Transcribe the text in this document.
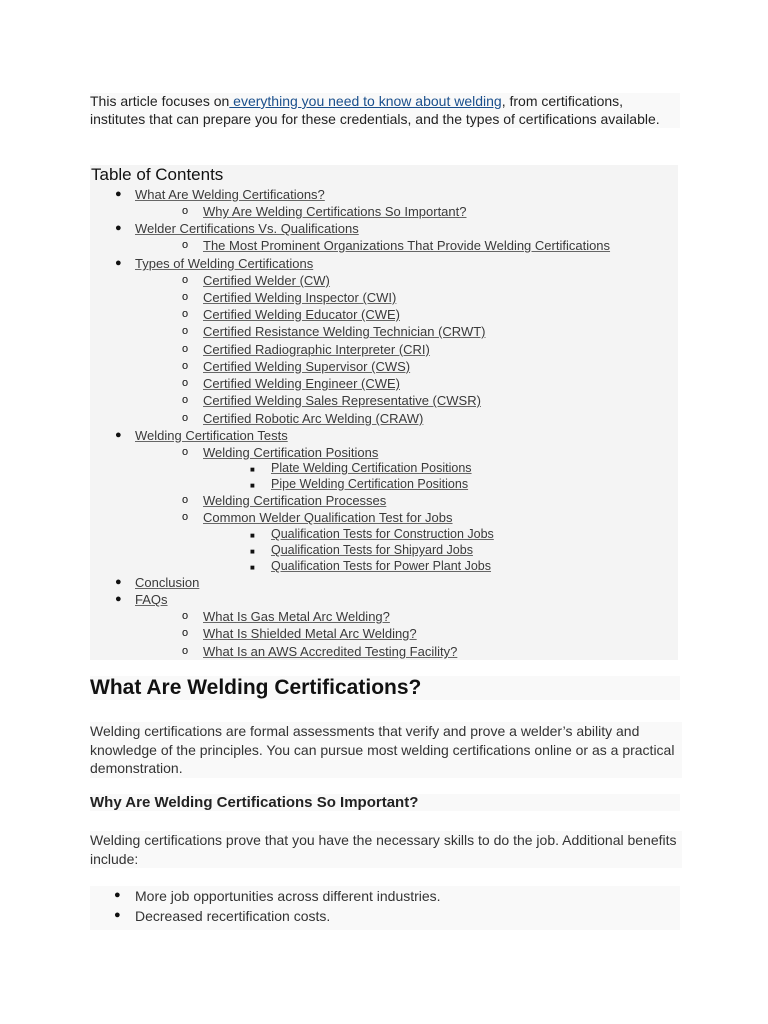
This article focuses on everything you need to know about welding, from certifications, institutes that can prepare you for these credentials, and the types of certifications available.
Table of Contents
● What Are Welding Certifications?
o Why Are Welding Certifications So Important?
● Welder Certifications Vs. Qualifications
o The Most Prominent Organizations That Provide Welding Certifications
● Types of Welding Certifications
o Certified Welder (CW)
o Certified Welding Inspector (CWI)
o Certified Welding Educator (CWE)
o Certified Resistance Welding Technician (CRWT)
o Certified Radiographic Interpreter (CRI)
o Certified Welding Supervisor (CWS)
o Certified Welding Engineer (CWE)
o Certified Welding Sales Representative (CWSR)
o Certified Robotic Arc Welding (CRAW)
● Welding Certification Tests
o Welding Certification Positions
■ Plate Welding Certification Positions
■ Pipe Welding Certification Positions
o Welding Certification Processes
o Common Welder Qualification Test for Jobs
■ Qualification Tests for Construction Jobs
■ Qualification Tests for Shipyard Jobs
■ Qualification Tests for Power Plant Jobs
● Conclusion
● FAQs
o What Is Gas Metal Arc Welding?
o What Is Shielded Metal Arc Welding?
o What Is an AWS Accredited Testing Facility?
What Are Welding Certifications?
Welding certifications are formal assessments that verify and prove a welder’s ability and knowledge of the principles. You can pursue most welding certifications online or as a practical demonstration.
Why Are Welding Certifications So Important?
Welding certifications prove that you have the necessary skills to do the job. Additional benefits include:
● More job opportunities across different industries.
● Decreased recertification costs.
